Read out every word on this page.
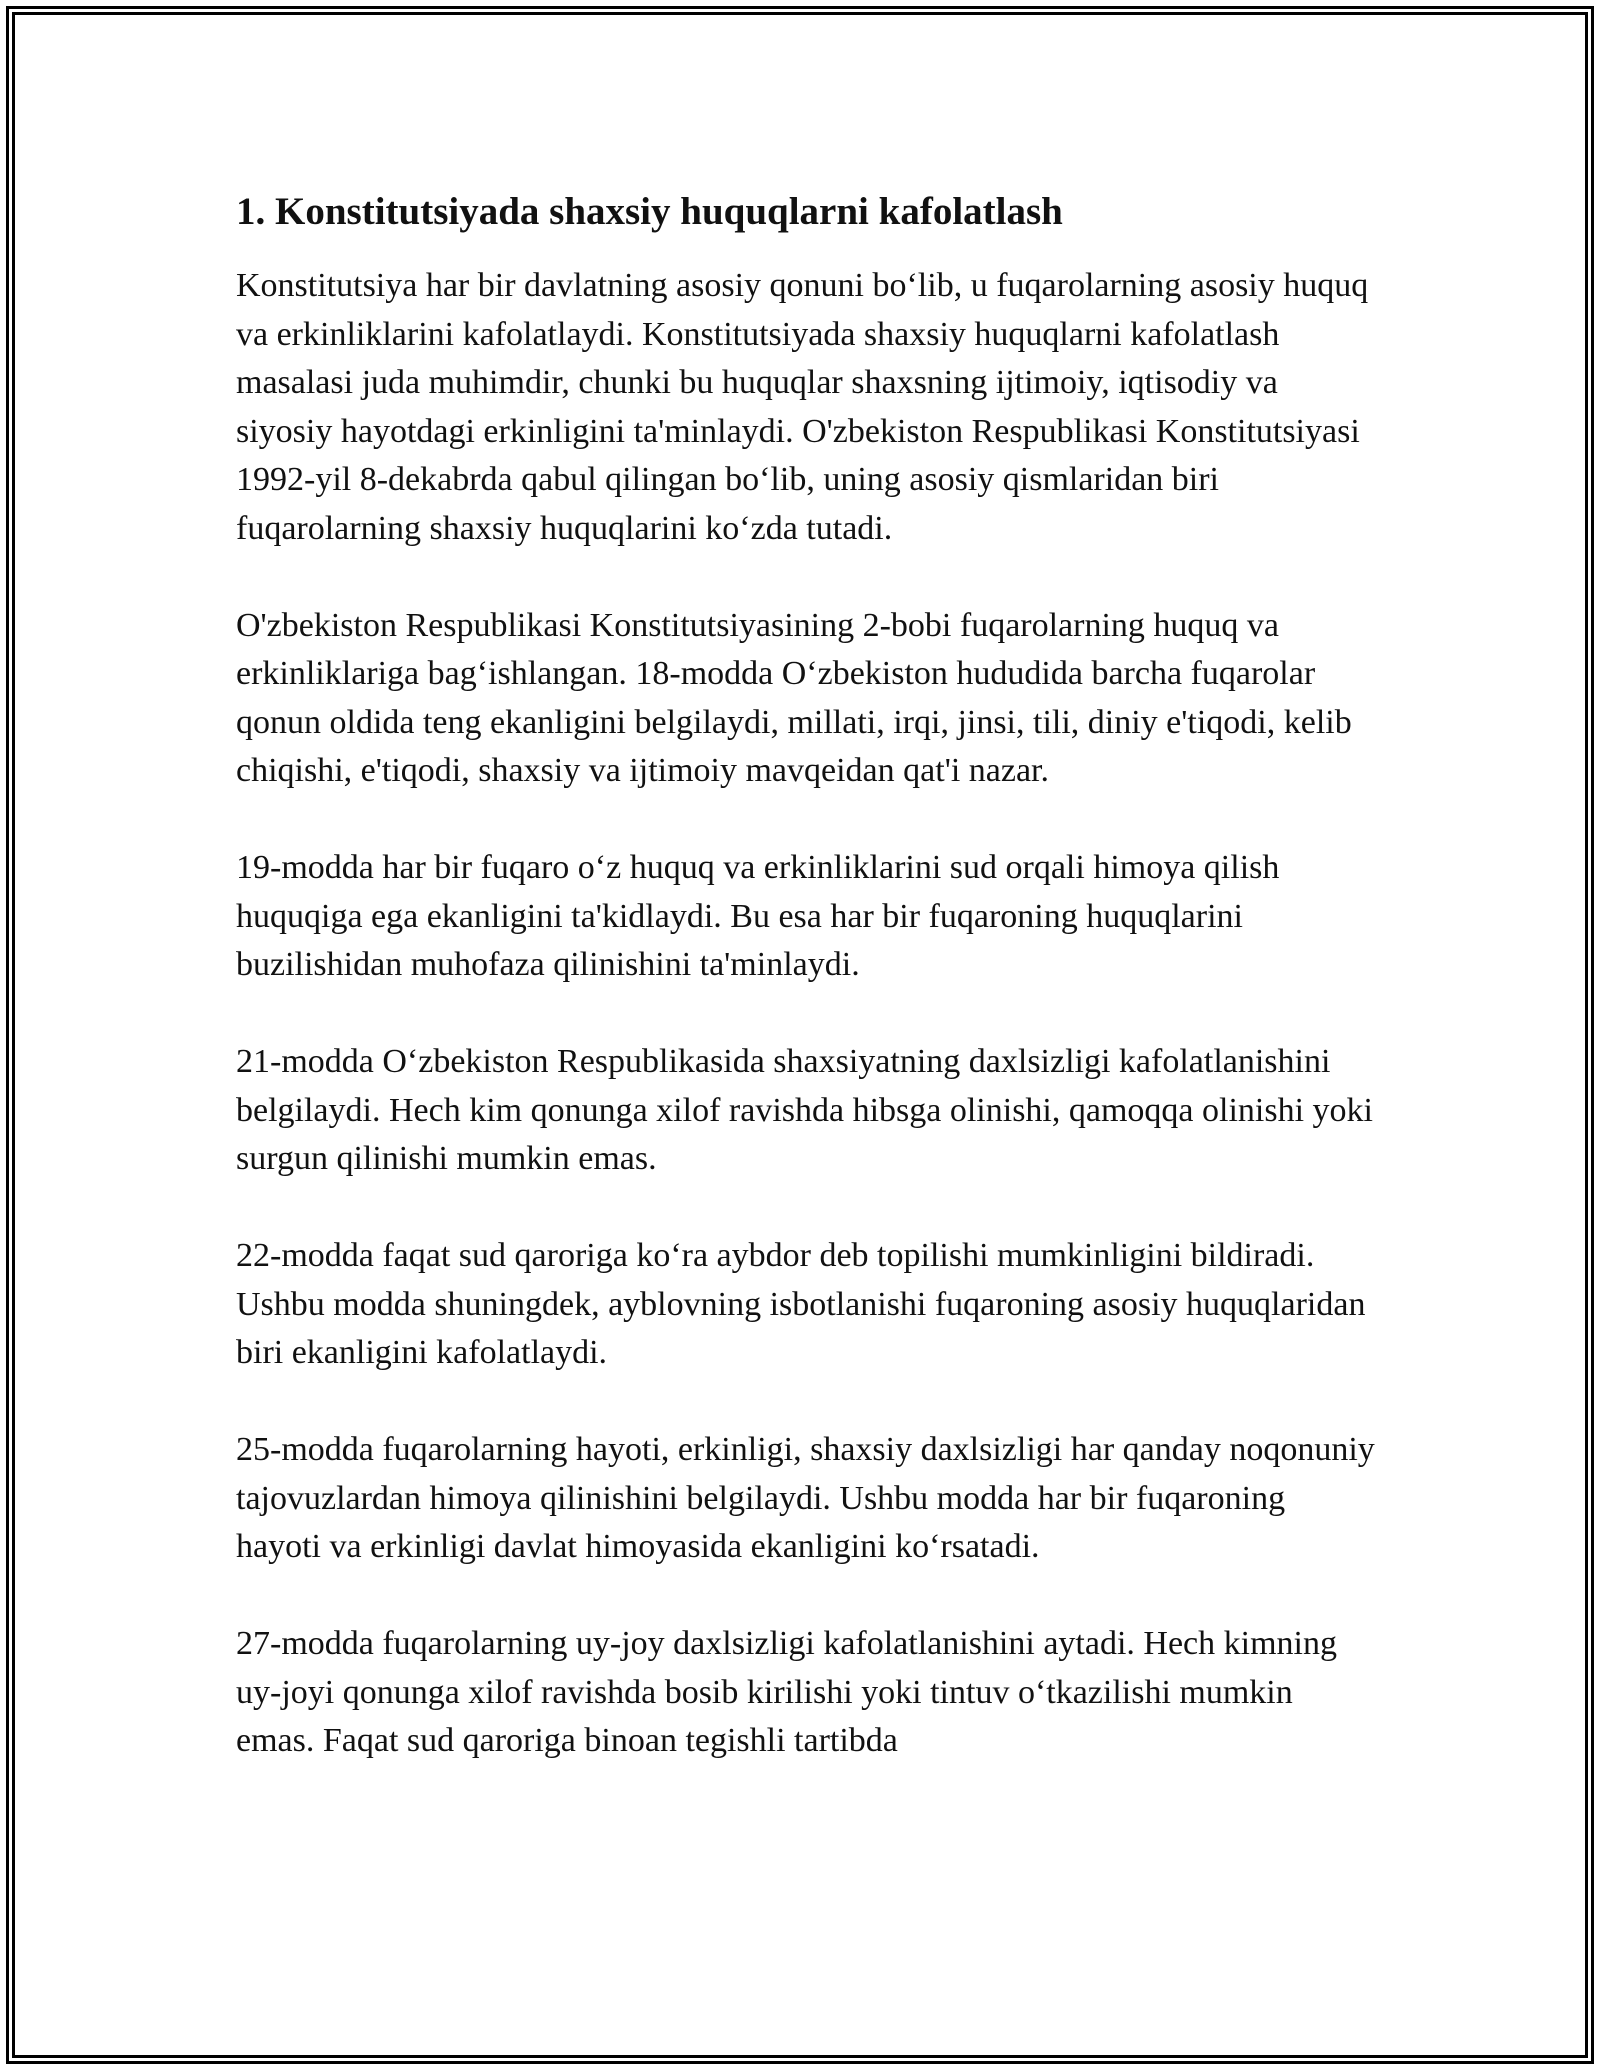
1. Konstitutsiyada shaxsiy huquqlarni kafolatlash

Konstitutsiya har bir davlatning asosiy qonuni bo‘lib, u fuqarolarning asosiy huquq va erkinliklarini kafolatlaydi. Konstitutsiyada shaxsiy huquqlarni kafolatlash masalasi juda muhimdir, chunki bu huquqlar shaxsning ijtimoiy, iqtisodiy va siyosiy hayotdagi erkinligini ta'minlaydi. O'zbekiston Respublikasi Konstitutsiyasi 1992-yil 8-dekabrda qabul qilingan bo‘lib, uning asosiy qismlaridan biri fuqarolarning shaxsiy huquqlarini ko‘zda tutadi.

O'zbekiston Respublikasi Konstitutsiyasining 2-bobi fuqarolarning huquq va erkinliklariga bag‘ishlangan. 18-modda O‘zbekiston hududida barcha fuqarolar qonun oldida teng ekanligini belgilaydi, millati, irqi, jinsi, tili, diniy e'tiqodi, kelib chiqishi, e'tiqodi, shaxsiy va ijtimoiy mavqeidan qat'i nazar.

19-modda har bir fuqaro o‘z huquq va erkinliklarini sud orqali himoya qilish huquqiga ega ekanligini ta'kidlaydi. Bu esa har bir fuqaroning huquqlarini buzilishidan muhofaza qilinishini ta'minlaydi.

21-modda O‘zbekiston Respublikasida shaxsiyatning daxlsizligi kafolatlanishini belgilaydi. Hech kim qonunga xilof ravishda hibsga olinishi, qamoqqa olinishi yoki surgun qilinishi mumkin emas.

22-modda faqat sud qaroriga ko‘ra aybdor deb topilishi mumkinligini bildiradi. Ushbu modda shuningdek, ayblovning isbotlanishi fuqaroning asosiy huquqlaridan biri ekanligini kafolatlaydi.

25-modda fuqarolarning hayoti, erkinligi, shaxsiy daxlsizligi har qanday noqonuniy tajovuzlardan himoya qilinishini belgilaydi. Ushbu modda har bir fuqaroning hayoti va erkinligi davlat himoyasida ekanligini ko‘rsatadi.

27-modda fuqarolarning uy-joy daxlsizligi kafolatlanishini aytadi. Hech kimning uy-joyi qonunga xilof ravishda bosib kirilishi yoki tintuv o‘tkazilishi mumkin emas. Faqat sud qaroriga binoan tegishli tartibda
